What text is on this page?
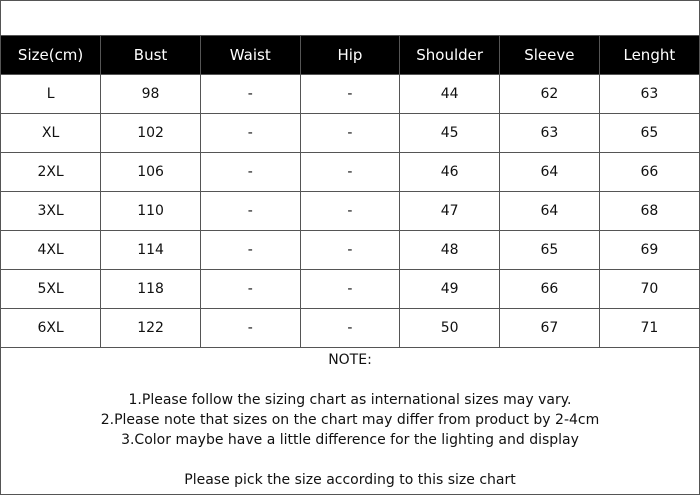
Size(cm)	Bust	Waist	Hip	Shoulder	Sleeve	Lenght
L	98	-	-	44	62	63
XL	102	-	-	45	63	65
2XL	106	-	-	46	64	66
3XL	110	-	-	47	64	68
4XL	114	-	-	48	65	69
5XL	118	-	-	49	66	70
6XL	122	-	-	50	67	71
NOTE:
1.Please follow the sizing chart as international sizes may vary.
2.Please note that sizes on the chart may differ from product by 2-4cm
3.Color maybe have a little difference for the lighting and display
Please pick the size according to this size chart
